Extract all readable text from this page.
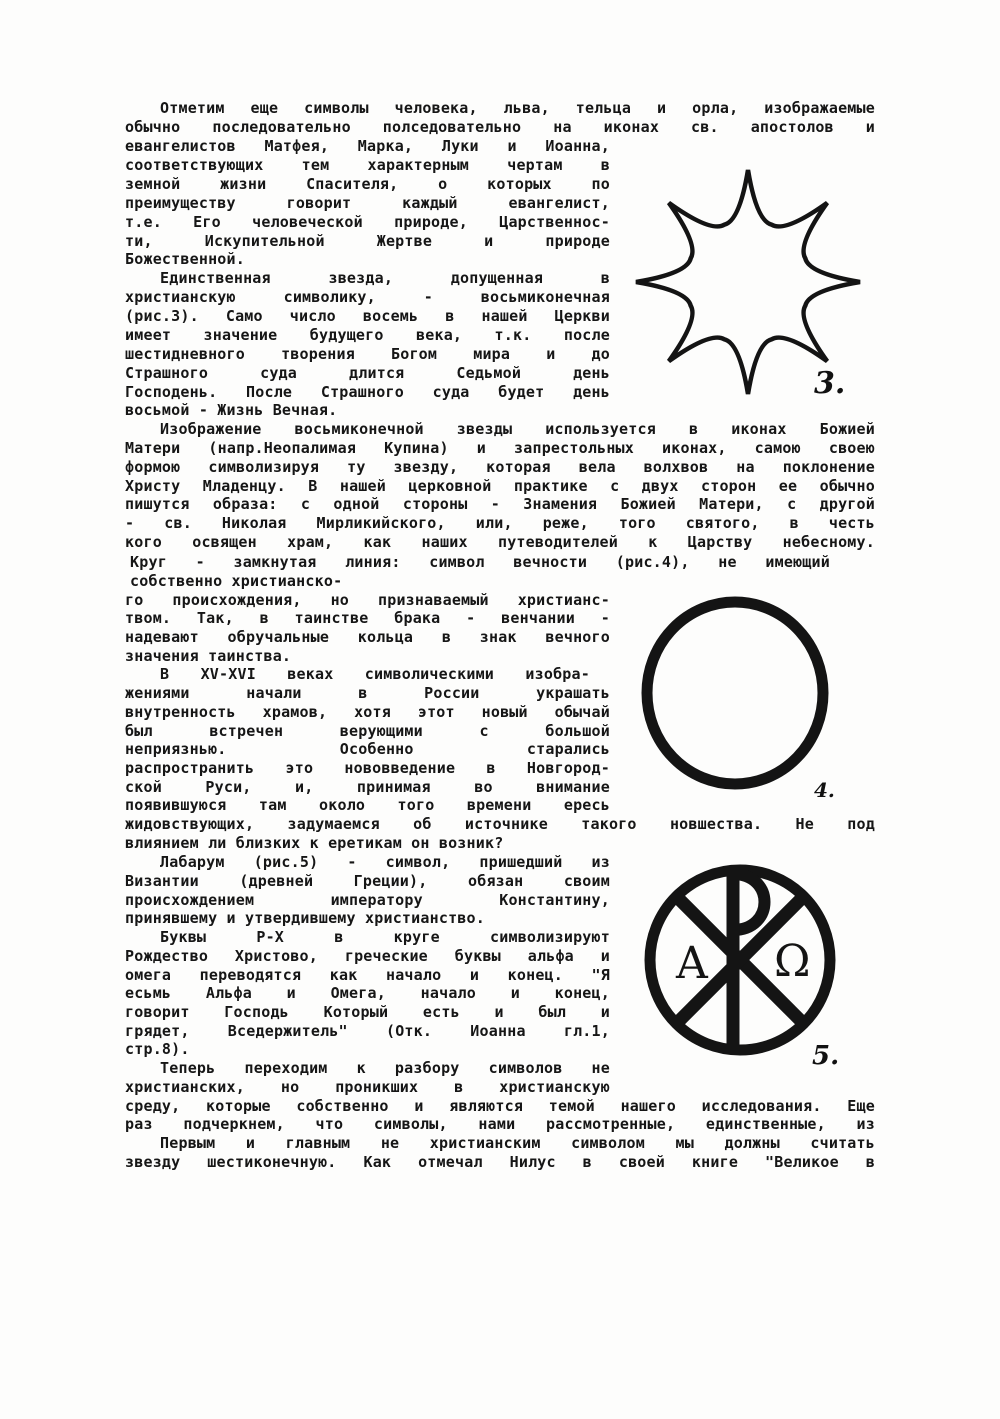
Отметим еще символы человека, льва, тельца и орла, изображаемые
обычно последовательно полседовательно на иконах св. апостолов и
евангелистов Матфея, Марка, Луки и Иоанна,
соответствующих тем характерным чертам в
земной жизни Спасителя, о которых по
преимуществу говорит каждый евангелист,
т.е. Его человеческой природе, Царственнос-
ти, Искупительной Жертве и природе
Божественной.
Единственная звезда, допущенная в
христианскую символику, - восьмиконечная
(рис.3). Само число восемь в нашей Церкви
имеет значение будущего века, т.к. после
шестидневного творения Богом мира и до
Страшного суда длится Седьмой день
Господень. После Страшного суда будет день
восьмой - Жизнь Вечная.
Изображение восьмиконечной звезды используется в иконах Божией
Матери (напр.Неопалимая Купина) и запрестольных иконах, самою своею
формою символизируя ту звезду, которая вела волхвов на поклонение
Христу Младенцу. В нашей церковной практике с двух сторон ее обычно
пишутся образа: с одной стороны - Знамения Божией Матери, с другой
- св. Николая Мирликийского, или, реже, того святого, в честь
кого освящен храм, как наших путеводителей к Царству небесному.
Круг - замкнутая линия: символ вечности (рис.4), не имеющий
собственно христианско-
го происхождения, но признаваемый христианс-
твом. Так, в таинстве брака - венчании -
надевают обручальные кольца в знак вечного
значения таинства.
В XV-XVI веках символическими изобра-
жениями начали в России украшать
внутренность храмов, хотя этот новый обычай
был встречен верующими с большой
неприязнью. Особенно старались
распространить это нововведение в Новгород-
ской Руси, и, принимая во внимание
появившуюся там около того времени ересь
жидовствующих, задумаемся об источнике такого новшества. Не под
влиянием ли близких к еретикам он возник?
Лабарум (рис.5) - символ, пришедший из
Византии (древней Греции), обязан своим
происхождением императору Константину,
принявшему и утвердившему христианство.
Буквы Р-Х в круге символизируют
Рождество Христово, греческие буквы альфа и
омега переводятся как начало и конец. "Я
есьмь Альфа и Омега, начало и конец,
говорит Господь Который есть и был и
грядет, Вседержитель" (Отк. Иоанна гл.1,
стр.8).
Теперь переходим к разбору символов не
христианских, но проникших в христианскую
среду, которые собственно и являются темой нашего исследования. Еще
раз подчеркнем, что символы, нами рассмотренные, единственные, из
Первым и главным не христианским символом мы должны считать
звезду шестиконечную. Как отмечал Нилус в своей книге "Великое в
3.
4.
A Ω
5.
